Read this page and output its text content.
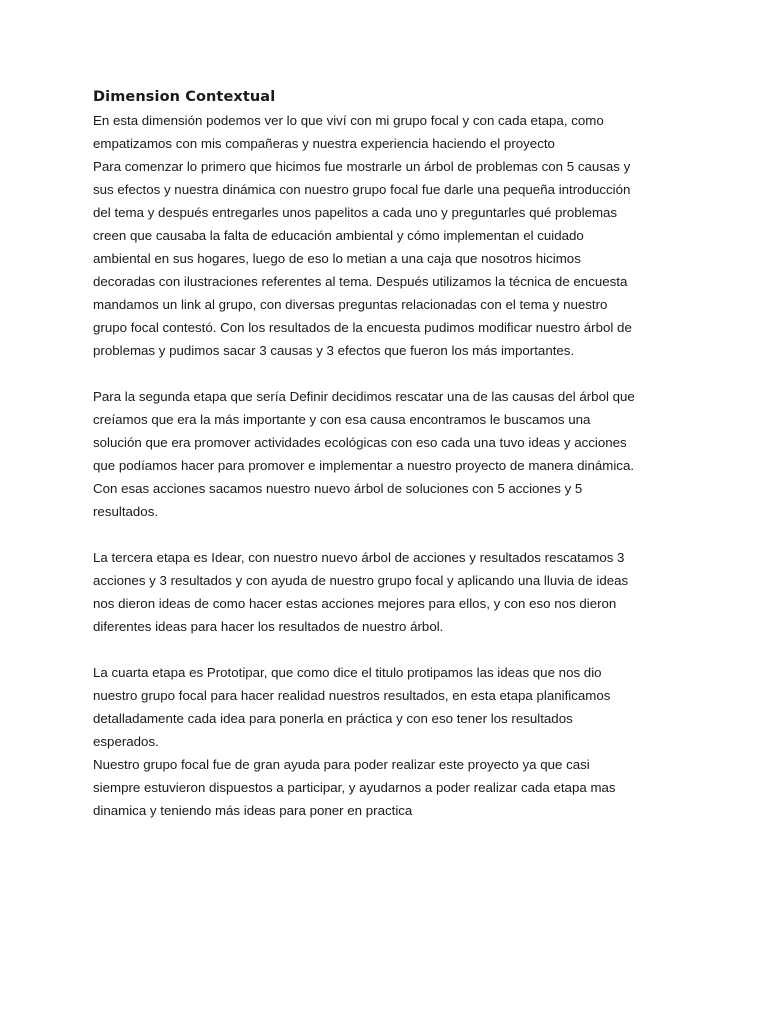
Dimension Contextual
En esta dimensión podemos ver lo que viví con mi grupo focal y con cada etapa, como
empatizamos con mis compañeras y nuestra experiencia haciendo el proyecto
Para comenzar lo primero que hicimos fue mostrarle un árbol de problemas con 5 causas y
sus efectos y nuestra dinámica con nuestro grupo focal fue darle una pequeña introducción
del tema y después entregarles unos papelitos a cada uno y preguntarles qué problemas
creen que causaba la falta de educación ambiental y cómo implementan el cuidado
ambiental en sus hogares, luego de eso lo metian a una caja que nosotros hicimos
decoradas con ilustraciones referentes al tema. Después utilizamos la técnica de encuesta
mandamos un link al grupo, con diversas preguntas relacionadas con el tema y nuestro
grupo focal contestó. Con los resultados de la encuesta pudimos modificar nuestro árbol de
problemas y pudimos sacar 3 causas y 3 efectos que fueron los más importantes.
Para la segunda etapa que sería Definir decidimos rescatar una de las causas del árbol que
creíamos que era la más importante y con esa causa encontramos le buscamos una
solución que era promover actividades ecológicas con eso cada una tuvo ideas y acciones
que podíamos hacer para promover e implementar a nuestro proyecto de manera dinámica.
Con esas acciones sacamos nuestro nuevo árbol de soluciones con 5 acciones y 5
resultados.
La tercera etapa es Idear, con nuestro nuevo árbol de acciones y resultados rescatamos 3
acciones y 3 resultados y con ayuda de nuestro grupo focal y aplicando una lluvia de ideas
nos dieron ideas de como hacer estas acciones mejores para ellos, y con eso nos dieron
diferentes ideas para hacer los resultados de nuestro árbol.
La cuarta etapa es Prototipar, que como dice el titulo protipamos las ideas que nos dio
nuestro grupo focal para hacer realidad nuestros resultados, en esta etapa planificamos
detalladamente cada idea para ponerla en práctica y con eso tener los resultados
esperados.
Nuestro grupo focal fue de gran ayuda para poder realizar este proyecto ya que casi
siempre estuvieron dispuestos a participar, y ayudarnos a poder realizar cada etapa mas
dinamica y teniendo más ideas para poner en practica
